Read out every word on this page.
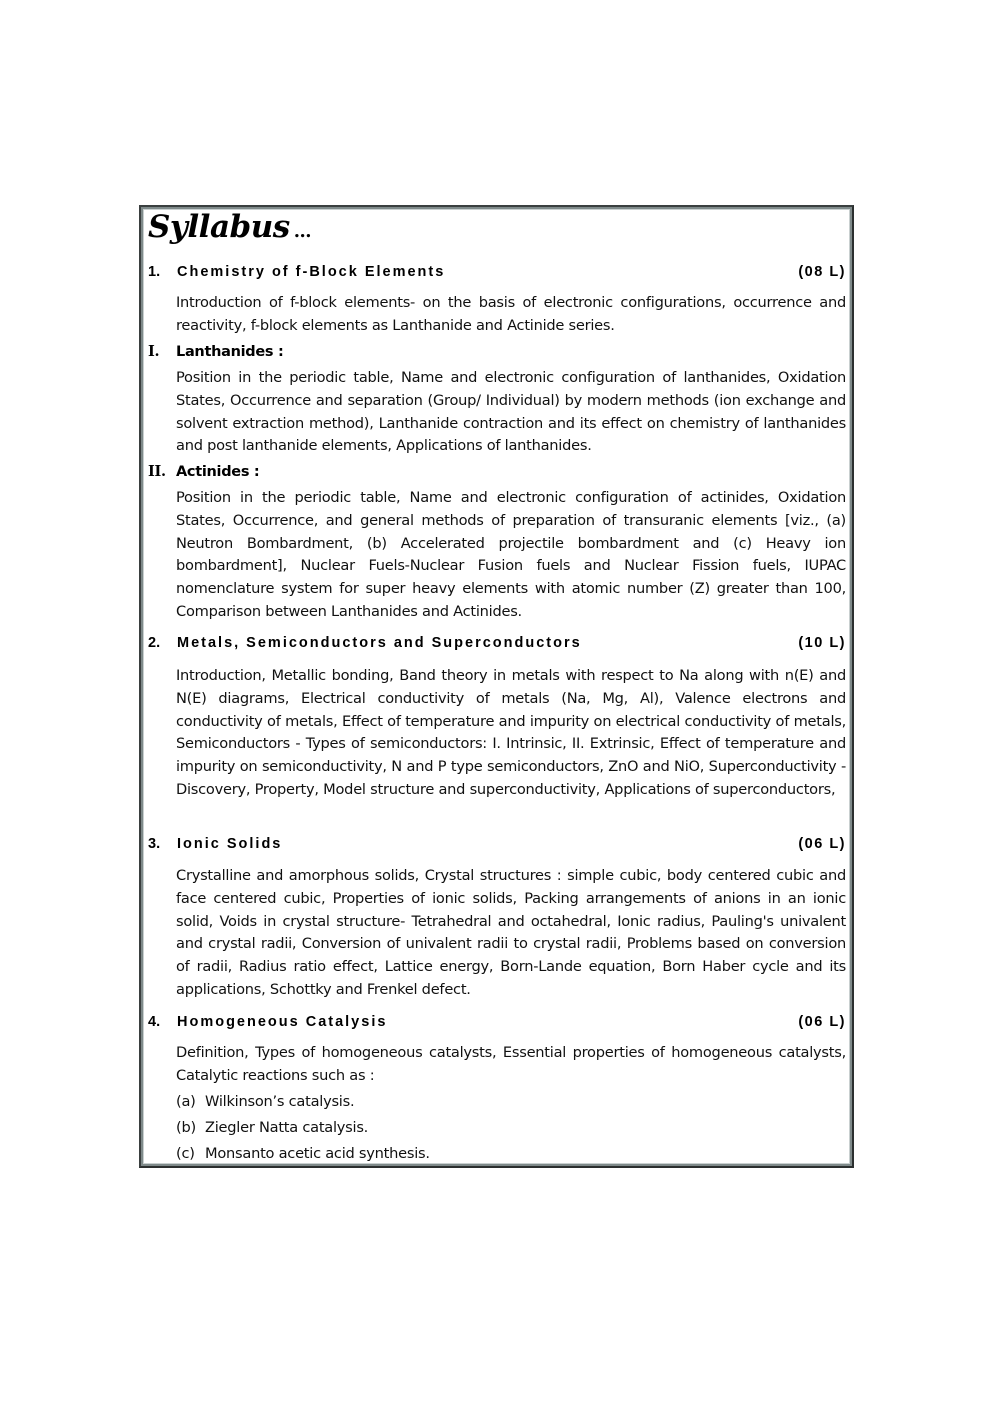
Syllabus ...
1. Chemistry of f-Block Elements	(08 L)
Introduction of f-block elements- on the basis of electronic configurations, occurrence and reactivity, f-block elements as Lanthanide and Actinide series.
I. Lanthanides :
Position in the periodic table, Name and electronic configuration of lanthanides, Oxidation States, Occurrence and separation (Group/ Individual) by modern methods (ion exchange and solvent extraction method), Lanthanide contraction and its effect on chemistry of lanthanides and post lanthanide elements, Applications of lanthanides.
II. Actinides :
Position in the periodic table, Name and electronic configuration of actinides, Oxidation States, Occurrence, and general methods of preparation of transuranic elements [viz., (a) Neutron Bombardment, (b) Accelerated projectile bombardment and (c) Heavy ion bombardment], Nuclear Fuels-Nuclear Fusion fuels and Nuclear Fission fuels, IUPAC nomenclature system for super heavy elements with atomic number (Z) greater than 100, Comparison between Lanthanides and Actinides.
2. Metals, Semiconductors and Superconductors	(10 L)
Introduction, Metallic bonding, Band theory in metals with respect to Na along with n(E) and N(E) diagrams, Electrical conductivity of metals (Na, Mg, Al), Valence electrons and conductivity of metals, Effect of temperature and impurity on electrical conductivity of metals, Semiconductors - Types of semiconductors: I. Intrinsic, II. Extrinsic, Effect of temperature and impurity on semiconductivity, N and P type semiconductors, ZnO and NiO, Superconductivity - Discovery, Property, Model structure and superconductivity, Applications of superconductors,
3. Ionic Solids	(06 L)
Crystalline and amorphous solids, Crystal structures : simple cubic, body centered cubic and face centered cubic, Properties of ionic solids, Packing arrangements of anions in an ionic solid, Voids in crystal structure- Tetrahedral and octahedral, Ionic radius, Pauling's univalent and crystal radii, Conversion of univalent radii to crystal radii, Problems based on conversion of radii, Radius ratio effect, Lattice energy, Born-Lande equation, Born Haber cycle and its applications, Schottky and Frenkel defect.
4. Homogeneous Catalysis	(06 L)
Definition, Types of homogeneous catalysts, Essential properties of homogeneous catalysts, Catalytic reactions such as :
(a) Wilkinson’s catalysis.
(b) Ziegler Natta catalysis.
(c) Monsanto acetic acid synthesis.
